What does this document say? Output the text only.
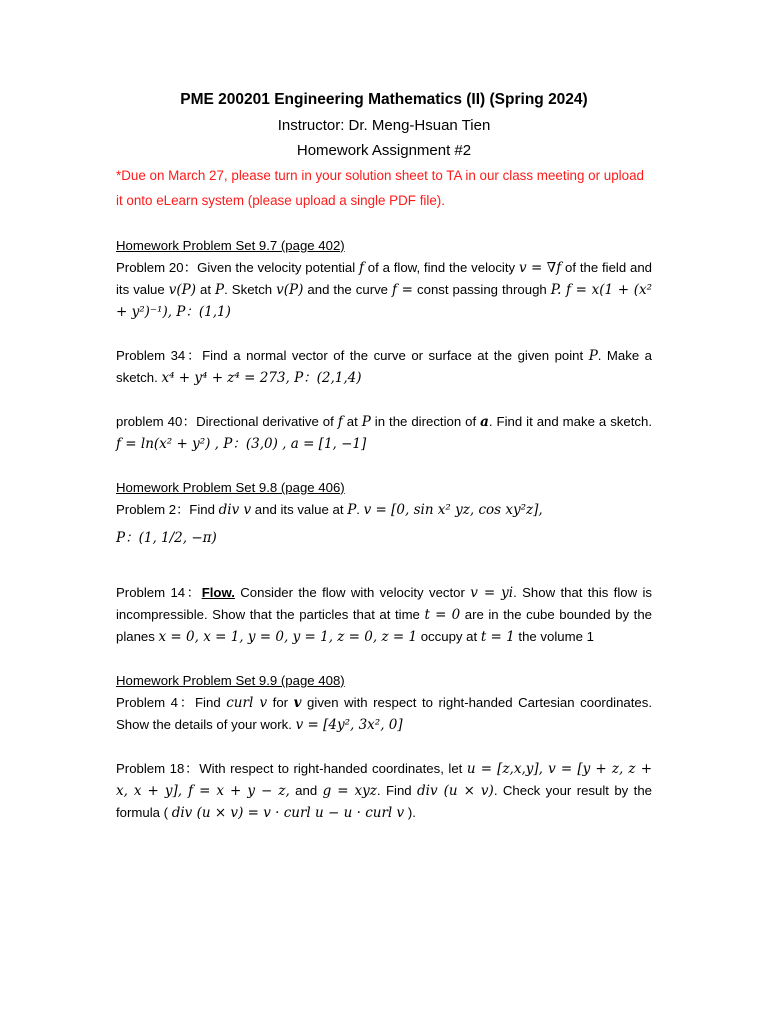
PME 200201 Engineering Mathematics (II) (Spring 2024)

Instructor: Dr. Meng-Hsuan Tien

Homework Assignment #2

*Due on March 27, please turn in your solution sheet to TA in our class meeting or upload it onto eLearn system (please upload a single PDF file).
Homework Problem Set 9.7 (page 402)

Problem 20：Given the velocity potential f of a flow, find the velocity v = ∇f of the field and its value v(P) at P. Sketch v(P) and the curve f = const passing through P. f = x(1 + (x² + y²)⁻¹), P：(1,1)

Problem 34：Find a normal vector of the curve or surface at the given point P. Make a sketch. x⁴ + y⁴ + z⁴ = 273, P：(2,1,4)

problem 40：Directional derivative of f at P in the direction of a. Find it and make a sketch. f = ln(x² + y²) , P：(3,0) , a = [1, −1]

Homework Problem Set 9.8 (page 406)

Problem 2：Find div v and its value at P. v = [0, sin x² yz, cos xy²z],

P：(1, 1/2, −π)

Problem 14：Flow. Consider the flow with velocity vector v = yi. Show that this flow is incompressible. Show that the particles that at time t = 0 are in the cube bounded by the planes x = 0, x = 1, y = 0, y = 1, z = 0, z = 1 occupy at t = 1 the volume 1

Homework Problem Set 9.9 (page 408)

Problem 4：Find curl v for v given with respect to right-handed Cartesian coordinates. Show the details of your work. v = [4y², 3x², 0]

Problem 18：With respect to right-handed coordinates, let u = [z,x,y], v = [y + z, z + x, x + y], f = x + y − z, and g = xyz. Find div (u × v). Check your result by the formula ( div (u × v) = v · curl u − u · curl v ).
